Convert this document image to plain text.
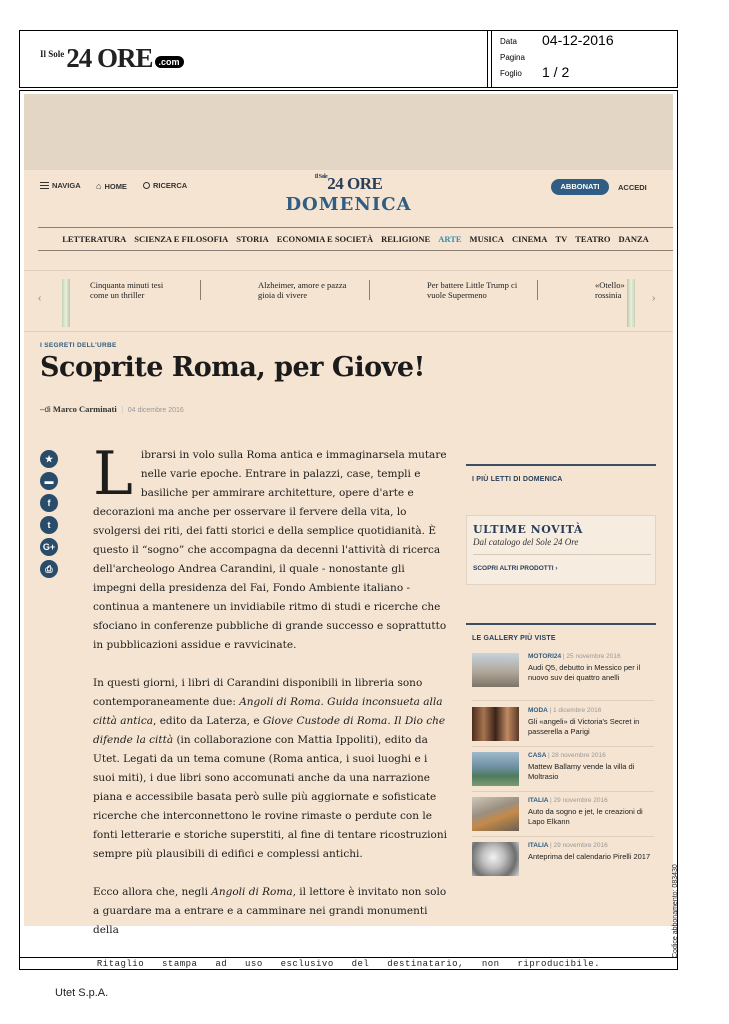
Il Sole 24 ORE .com
Data 04-12-2016
Pagina
Foglio 1 / 2
NAVIGA ⌂ HOME	RICERCA
$^{Il Sole}$24 ORE
DOMENICA
ABBONATI	ACCEDI
LETTERATURA SCIENZA E FILOSOFIA STORIA ECONOMIA E SOCIETÀ RELIGIONE ARTE MUSICA CINEMA TV TEATRO DANZA
‹
Cinquanta minuti tesi
come un thriller
Alzheimer, amore e pazza
gioia di vivere
Per battere Little Trump ci
vuole Supermeno
«Otello»
rossinia	›
I SEGRETI DELL'URBE
Scoprite Roma, per Giove!
–di Marco Carminati  |  04 dicembre 2016
★
▬
f
t
G+
⎙

Librarsi in volo sulla Roma antica e immaginarsela mutare nelle varie epoche. Entrare in palazzi, case, templi e basiliche per ammirare architetture, opere d'arte e decorazioni ma anche per osservare il fervere della vita, lo svolgersi dei riti, dei fatti storici e della semplice quotidianità. È questo il “sogno” che accompagna da decenni l'attività di ricerca dell'archeologo Andrea Carandini, il quale - nonostante gli impegni della presidenza del Fai, Fondo Ambiente italiano - continua a mantenere un invidiabile ritmo di studi e ricerche che sfociano in conferenze pubbliche di grande successo e soprattutto in pubblicazioni assidue e ravvicinate.

In questi giorni, i libri di Carandini disponibili in libreria sono contemporaneamente due: Angoli di Roma. Guida inconsueta alla città antica, edito da Laterza, e Giove Custode di Roma. Il Dio che difende la città (in collaborazione con Mattia Ippoliti), edito da Utet. Legati da un tema comune (Roma antica, i suoi luoghi e i suoi miti), i due libri sono accomunati anche da una narrazione piana e accessibile basata però sulle più aggiornate e sofisticate ricerche che interconnettono le rovine rimaste o perdute con le fonti letterarie e storiche superstiti, al fine di tentare ricostruzioni sempre più plausibili di edifici e complessi antichi.

Ecco allora che, negli Angoli di Roma, il lettore è invitato non solo a guardare ma a entrare e a camminare nei grandi monumenti della

I PIÙ LETTI DI DOMENICA
ULTIME NOVITÀ
Dal catalogo del Sole 24 Ore
SCOPRI ALTRI PRODOTTI ›
LE GALLERY PIÙ VISTE
MOTORI24 | 25 novembre 2016
Audi Q5, debutto in Messico per il nuovo suv dei quattro anelli
MODA | 1 dicembre 2016
Gli «angeli» di Victoria's Secret in passerella a Parigi
CASA | 28 novembre 2016
Mattew Ballamy vende la villa di Moltrasio
ITALIA | 29 novembre 2016
Auto da sogno e jet, le creazioni di Lapo Elkann
ITALIA | 29 novembre 2016
Anteprima del calendario Pirelli 2017
Ritaglio stampa ad uso esclusivo del destinatario, non riproducibile.
Codice abbonamento: 083430
Utet S.p.A.
